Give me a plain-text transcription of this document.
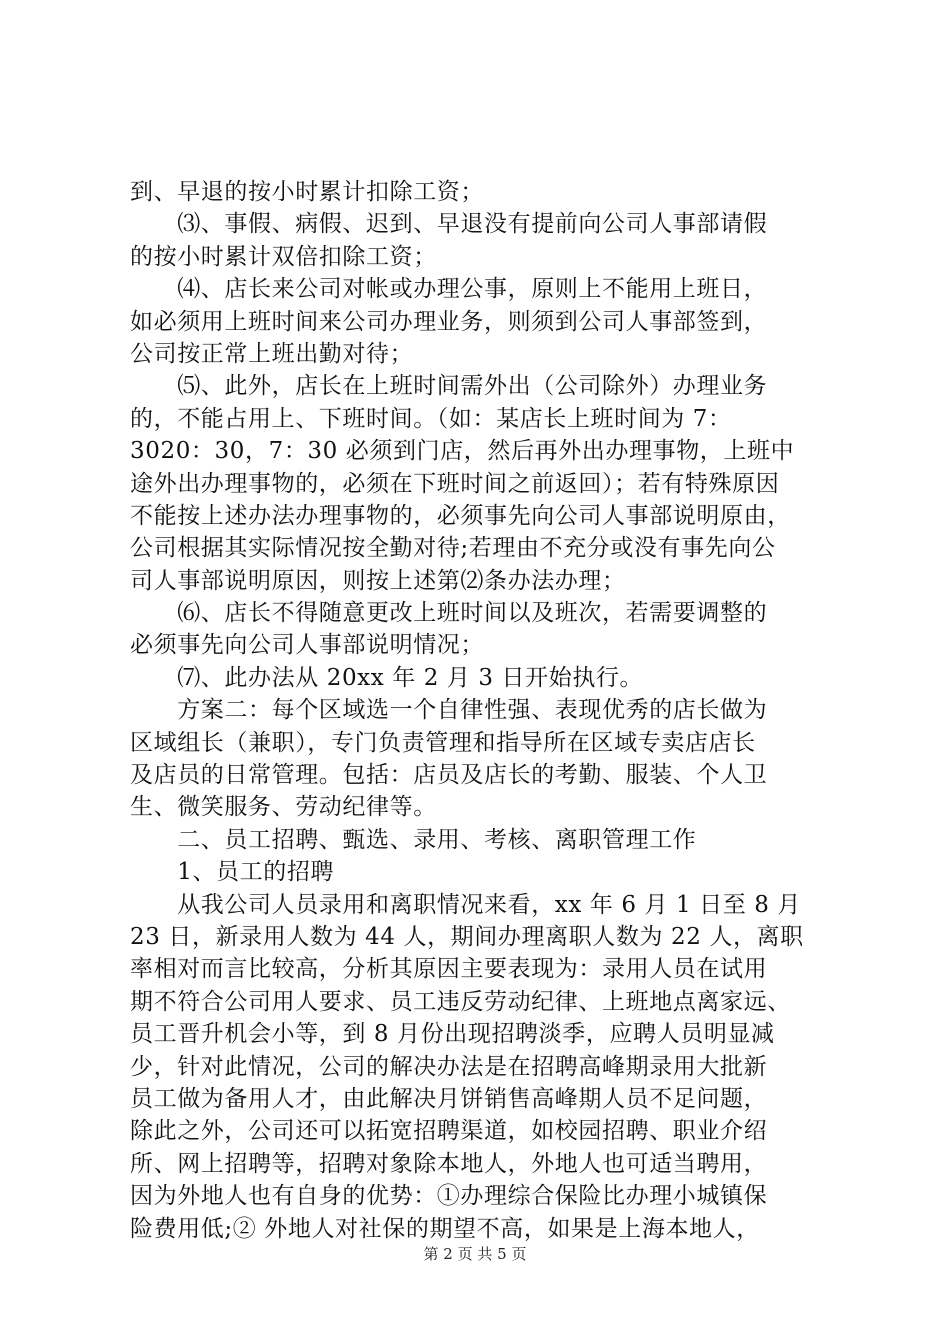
到、早退的按小时累计扣除工资；
　　⑶、事假、病假、迟到、早退没有提前向公司人事部请假
的按小时累计双倍扣除工资；
　　⑷、店长来公司对帐或办理公事，原则上不能用上班日，
如必须用上班时间来公司办理业务，则须到公司人事部签到，
公司按正常上班出勤对待；
　　⑸、此外，店长在上班时间需外出（公司除外）办理业务
的，不能占用上、下班时间。（如：某店长上班时间为 7：
3020：30，7：30 必须到门店，然后再外出办理事物，上班中
途外出办理事物的，必须在下班时间之前返回）；若有特殊原因
不能按上述办法办理事物的，必须事先向公司人事部说明原由，
公司根据其实际情况按全勤对待;若理由不充分或没有事先向公
司人事部说明原因，则按上述第⑵条办法办理；
　　⑹、店长不得随意更改上班时间以及班次，若需要调整的
必须事先向公司人事部说明情况；
　　⑺、此办法从 20xx 年 2 月 3 日开始执行。
　　方案二：每个区域选一个自律性强、表现优秀的店长做为
区域组长（兼职），专门负责管理和指导所在区域专卖店店长
及店员的日常管理。包括：店员及店长的考勤、服装、个人卫
生、微笑服务、劳动纪律等。
　　二、员工招聘、甄选、录用、考核、离职管理工作
　　1、员工的招聘
　　从我公司人员录用和离职情况来看，xx 年 6 月 1 日至 8 月
23 日，新录用人数为 44 人，期间办理离职人数为 22 人，离职
率相对而言比较高，分析其原因主要表现为：录用人员在试用
期不符合公司用人要求、员工违反劳动纪律、上班地点离家远、
员工晋升机会小等，到 8 月份出现招聘淡季，应聘人员明显减
少，针对此情况，公司的解决办法是在招聘高峰期录用大批新
员工做为备用人才，由此解决月饼销售高峰期人员不足问题，
除此之外，公司还可以拓宽招聘渠道，如校园招聘、职业介绍
所、网上招聘等，招聘对象除本地人，外地人也可适当聘用，
因为外地人也有自身的优势：①办理综合保险比办理小城镇保
险费用低;② 外地人对社保的期望不高，如果是上海本地人，
第 2 页 共 5 页
